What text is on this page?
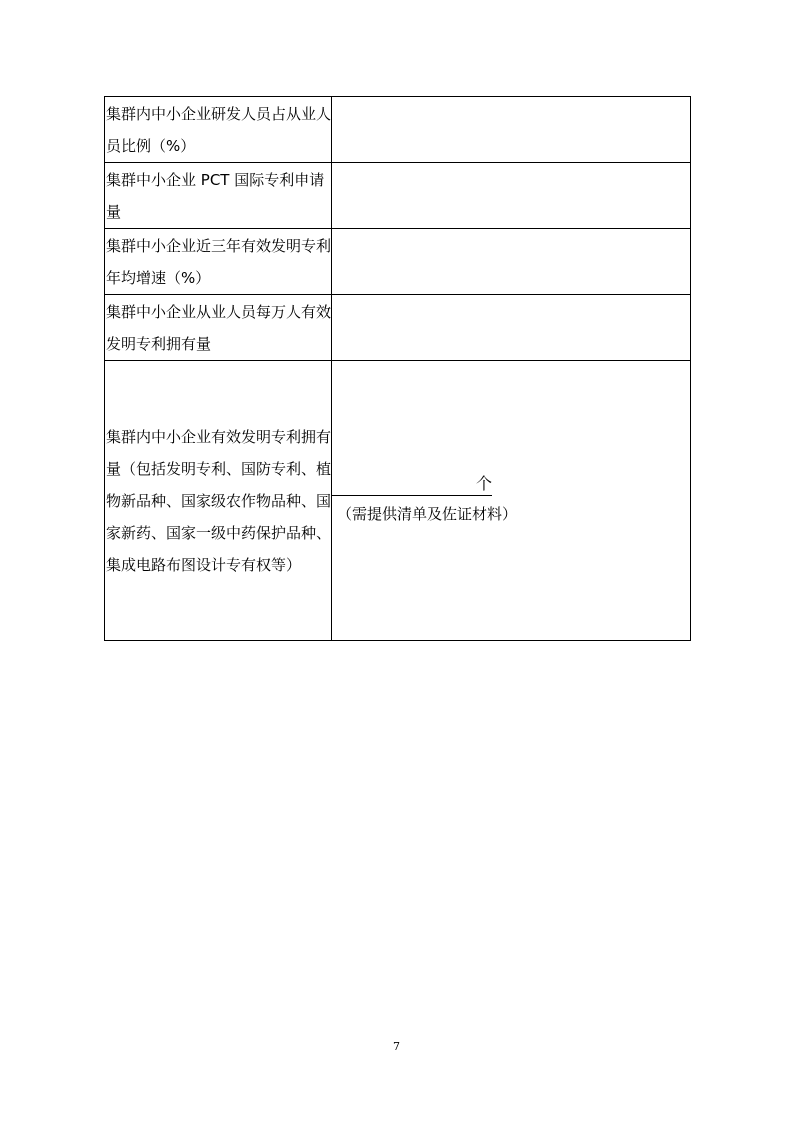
集群内中小企业研发人员占从业人员比例（%）	

集群中小企业 PCT 国际专利申请量	

集群中小企业近三年有效发明专利年均增速（%）	

集群中小企业从业人员每万人有效发明专利拥有量	

集群内中小企业有效发明专利拥有量（包括发明专利、国防专利、植物新品种、国家级农作物品种、国家新药、国家一级中药保护品种、集成电路布图设计专有权等）	个
（需提供清单及佐证材料）
7
